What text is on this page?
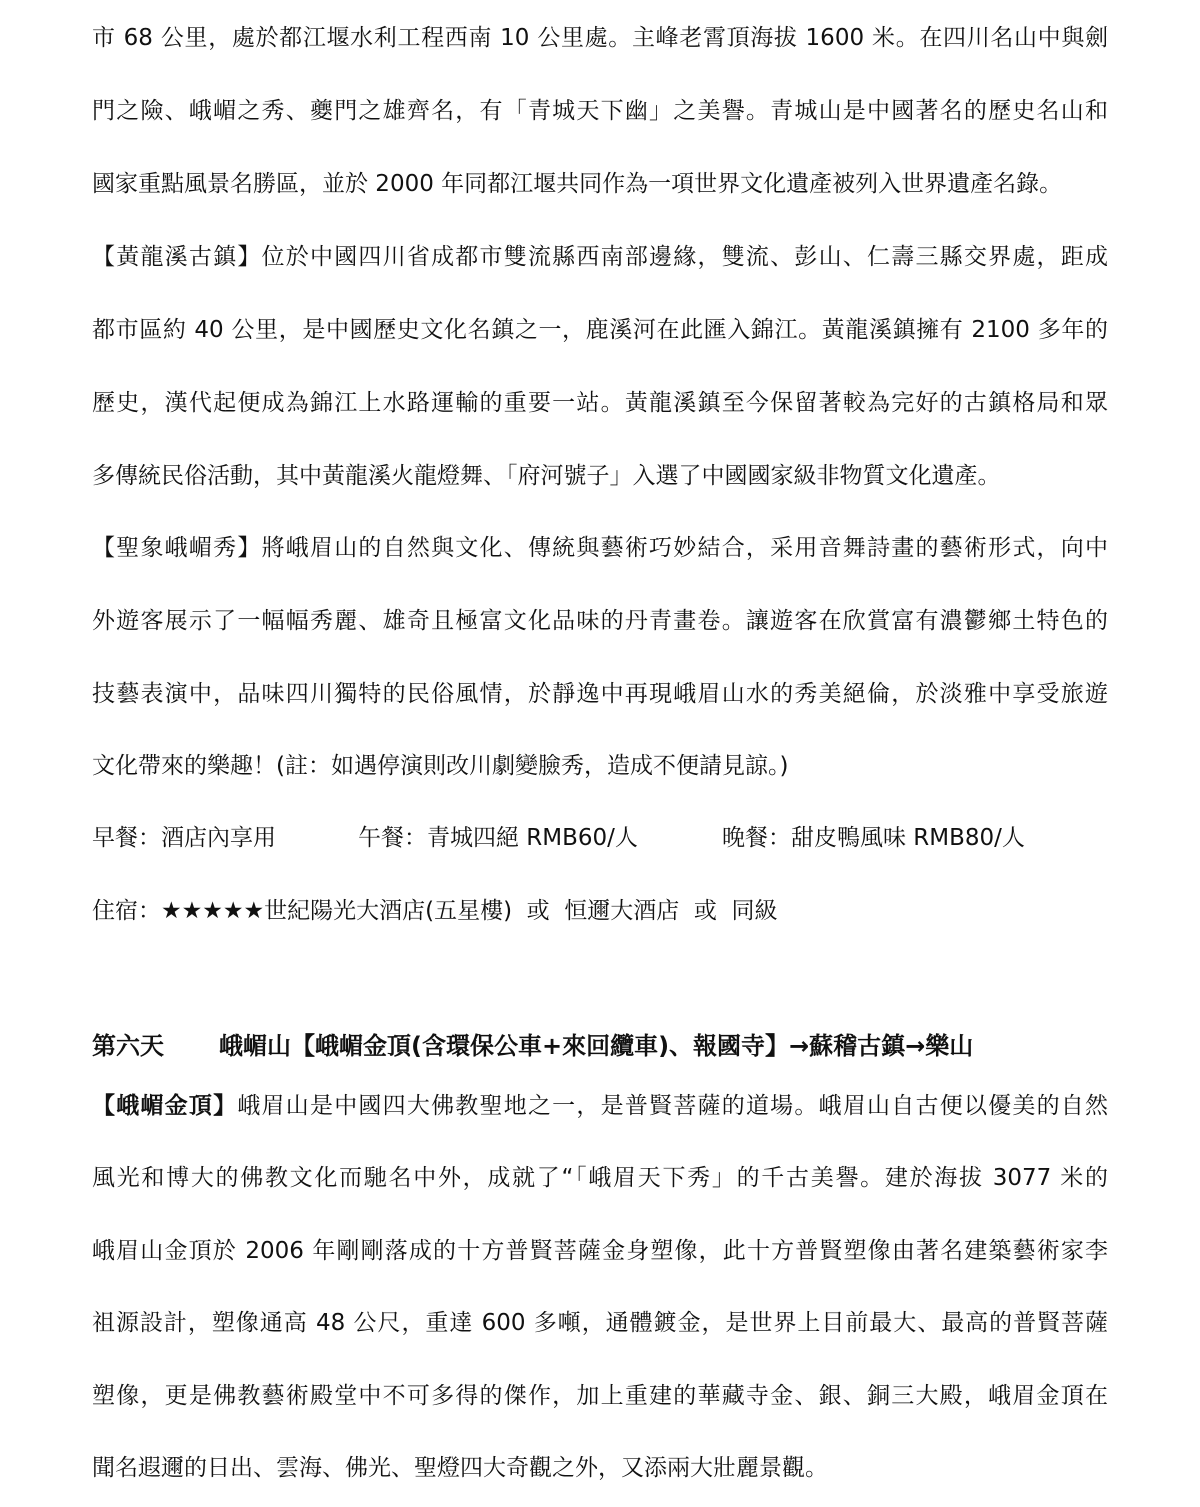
市 68 公里，處於都江堰水利工程西南 10 公里處。主峰老霄頂海拔 1600 米。在四川名山中與劍
門之險、峨嵋之秀、夔門之雄齊名，有「青城天下幽」之美譽。青城山是中國著名的歷史名山和
國家重點風景名勝區，並於 2000 年同都江堰共同作為一項世界文化遺產被列入世界遺產名錄。
【黃龍溪古鎮】位於中國四川省成都市雙流縣西南部邊緣，雙流、彭山、仁壽三縣交界處，距成
都市區約 40 公里，是中國歷史文化名鎮之一，鹿溪河在此匯入錦江。黃龍溪鎮擁有 2100 多年的
歷史，漢代起便成為錦江上水路運輸的重要一站。黃龍溪鎮至今保留著較為完好的古鎮格局和眾
多傳統民俗活動，其中黃龍溪火龍燈舞、「府河號子」入選了中國國家級非物質文化遺產。
【聖象峨嵋秀】將峨眉山的自然與文化、傳統與藝術巧妙結合，采用音舞詩畫的藝術形式，向中
外遊客展示了一幅幅秀麗、雄奇且極富文化品味的丹青畫卷。讓遊客在欣賞富有濃鬱鄉土特色的
技藝表演中，品味四川獨特的民俗風情，於靜逸中再現峨眉山水的秀美絕倫，於淡雅中享受旅遊
文化帶來的樂趣！(註：如遇停演則改川劇變臉秀，造成不便請見諒。)
早餐：酒店內享用	午餐：青城四絕 RMB60/人	晚餐：甜皮鴨風味 RMB80/人
住宿：★★★★★世紀陽光大酒店(五星樓)  或  恒邇大酒店  或  同級
第六天 峨嵋山【峨嵋金頂(含環保公車+來回纜車)、報國寺】→蘇稽古鎮→樂山
【峨嵋金頂】峨眉山是中國四大佛教聖地之一，是普賢菩薩的道場。峨眉山自古便以優美的自然
風光和博大的佛教文化而馳名中外，成就了“「峨眉天下秀」的千古美譽。建於海拔 3077 米的
峨眉山金頂於 2006 年剛剛落成的十方普賢菩薩金身塑像，此十方普賢塑像由著名建築藝術家李
祖源設計，塑像通高 48 公尺，重達 600 多噸，通體鍍金，是世界上目前最大、最高的普賢菩薩
塑像，更是佛教藝術殿堂中不可多得的傑作，加上重建的華藏寺金、銀、銅三大殿，峨眉金頂在
聞名遐邇的日出、雲海、佛光、聖燈四大奇觀之外，又添兩大壯麗景觀。
